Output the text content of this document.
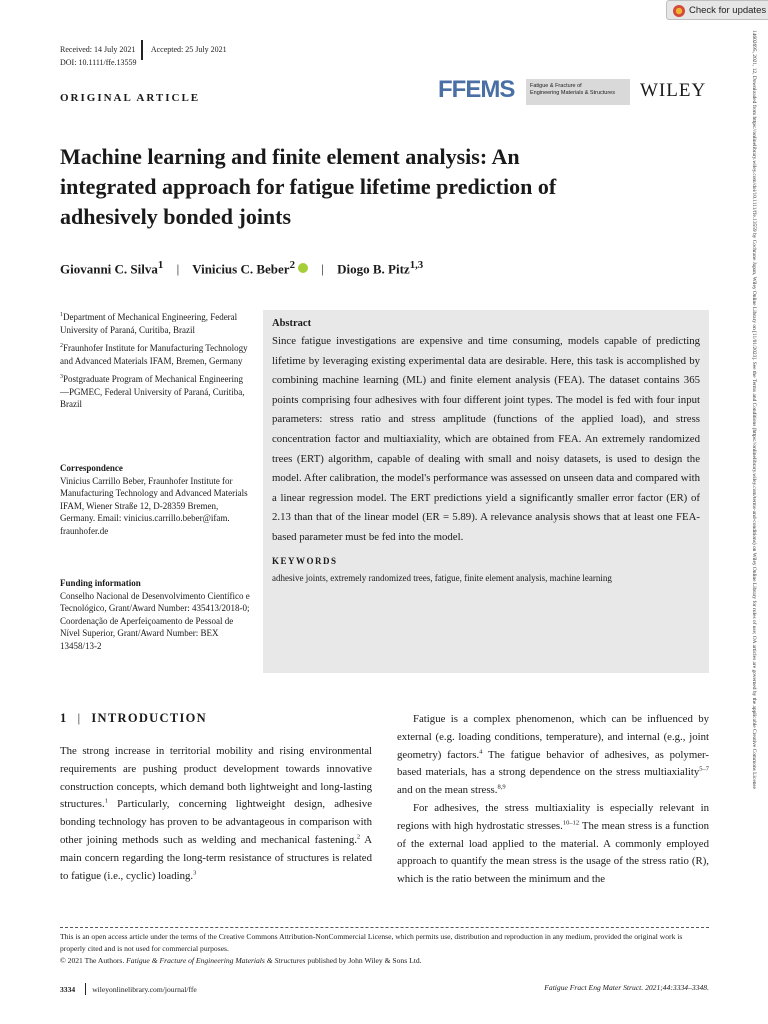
Check for updates
Received: 14 July 2021 Accepted: 25 July 2021
DOI: 10.1111/ffe.13559
ORIGINAL ARTICLE	FFEMS	Fatigue & Fracture of
Engineering Materials & Structures	WILEY
Machine learning and finite element analysis: An
integrated approach for fatigue lifetime prediction of
adhesively bonded joints
Giovanni C. Silva$^1$ | Vinicius C. Beber$^2$ | Diogo B. Pitz$^{1,3}$

$^1$Department of Mechanical Engineering, Federal University of Paraná, Curitiba, Brazil

$^2$Fraunhofer Institute for Manufacturing Technology and Advanced Materials IFAM, Bremen, Germany

$^3$Postgraduate Program of Mechanical Engineering—PGMEC, Federal University of Paraná, Curitiba, Brazil

Correspondence
Vinicius Carrillo Beber, Fraunhofer Institute for Manufacturing Technology and Advanced Materials IFAM, Wiener Straße 12, D-28359 Bremen, Germany. Email: vinicius.carrillo.beber@ifam. fraunhofer.de
Funding information
Conselho Nacional de Desenvolvimento Científico e Tecnológico, Grant/Award Number: 435413/2018-0; Coordenação de Aperfeiçoamento de Pessoal de Nível Superior, Grant/Award Number: BEX 13458/13-2
Abstract
Since fatigue investigations are expensive and time consuming, models capable of predicting lifetime by leveraging existing experimental data are desirable. Here, this task is accomplished by combining machine learning (ML) and finite element analysis (FEA). The dataset contains 365 points comprising four adhesives with four different joint types. The model is fed with four input parameters: stress ratio and stress amplitude (functions of the applied load), and stress concentration factor and multiaxiality, which are obtained from FEA. An extremely randomized trees (ERT) algorithm, capable of dealing with small and noisy datasets, is used to design the model. After calibration, the model's performance was assessed on unseen data and compared with a linear regression model. The ERT predictions yield a significantly smaller error factor (ER) of 2.13 than that of the linear model (ER = 5.89). A relevance analysis shows that at least one FEA-based parameter must be fed into the model.
KEYWORDS
adhesive joints, extremely randomized trees, fatigue, finite element analysis, machine learning
1 | INTRODUCTION

The strong increase in territorial mobility and rising environmental requirements are pushing product development towards innovative construction concepts, which demand both lightweight and long-lasting structures.$^1$ Particularly, concerning lightweight design, adhesive bonding technology has proven to be advantageous in comparison with other joining methods such as welding and mechanical fastening.$^2$ A main concern regarding the long-term resistance of structures is related to fatigue (i.e., cyclic) loading.$^3$

Fatigue is a complex phenomenon, which can be influenced by external (e.g. loading conditions, temperature), and internal (e.g., joint geometry) factors.$^4$ The fatigue behavior of adhesives, as polymer-based materials, has a strong dependence on the stress multiaxiality$^{5-7}$ and on the mean stress.$^{8,9}$

For adhesives, the stress multiaxiality is especially relevant in regions with high hydrostatic stresses.$^{10-12}$ The mean stress is a function of the external load applied to the material. A commonly employed approach to quantify the mean stress is the usage of the stress ratio (R), which is the ratio between the minimum and the

This is an open access article under the terms of the Creative Commons Attribution-NonCommercial License, which permits use, distribution and reproduction in any medium, provided the original work is properly cited and is not used for commercial purposes.
© 2021 The Authors. Fatigue & Fracture of Engineering Materials & Structures published by John Wiley & Sons Ltd.
3334 wileyonlinelibrary.com/journal/ffe	Fatigue Fract Eng Mater Struct. 2021;44:3334–3348.
14602695, 2021, 12, Downloaded from https://onlinelibrary.wiley.com/doi/10.1111/ffe.13559 by Cochrane Japan, Wiley Online Library on [11/01/2023]. See the Terms and Conditions (https://onlinelibrary.wiley.com/terms-and-conditions) on Wiley Online Library for rules of use; OA articles are governed by the applicable Creative Commons License
